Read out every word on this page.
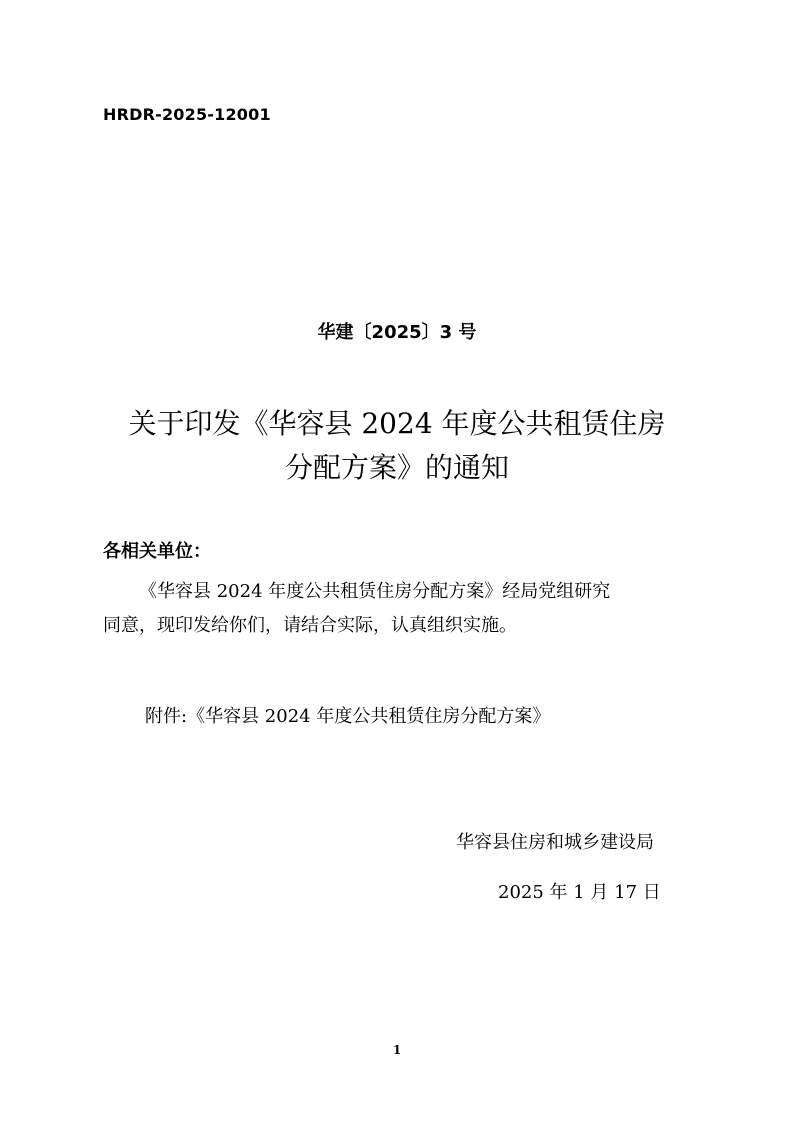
HRDR-2025-12001
华建〔2025〕3 号
关于印发《华容县 2024 年度公共租赁住房
分配方案》的通知
各相关单位：
《华容县 2024 年度公共租赁住房分配方案》经局党组研究
同意，现印发给你们，请结合实际，认真组织实施。
附件:《华容县 2024 年度公共租赁住房分配方案》
华容县住房和城乡建设局
2025 年 1 月 17 日
1
